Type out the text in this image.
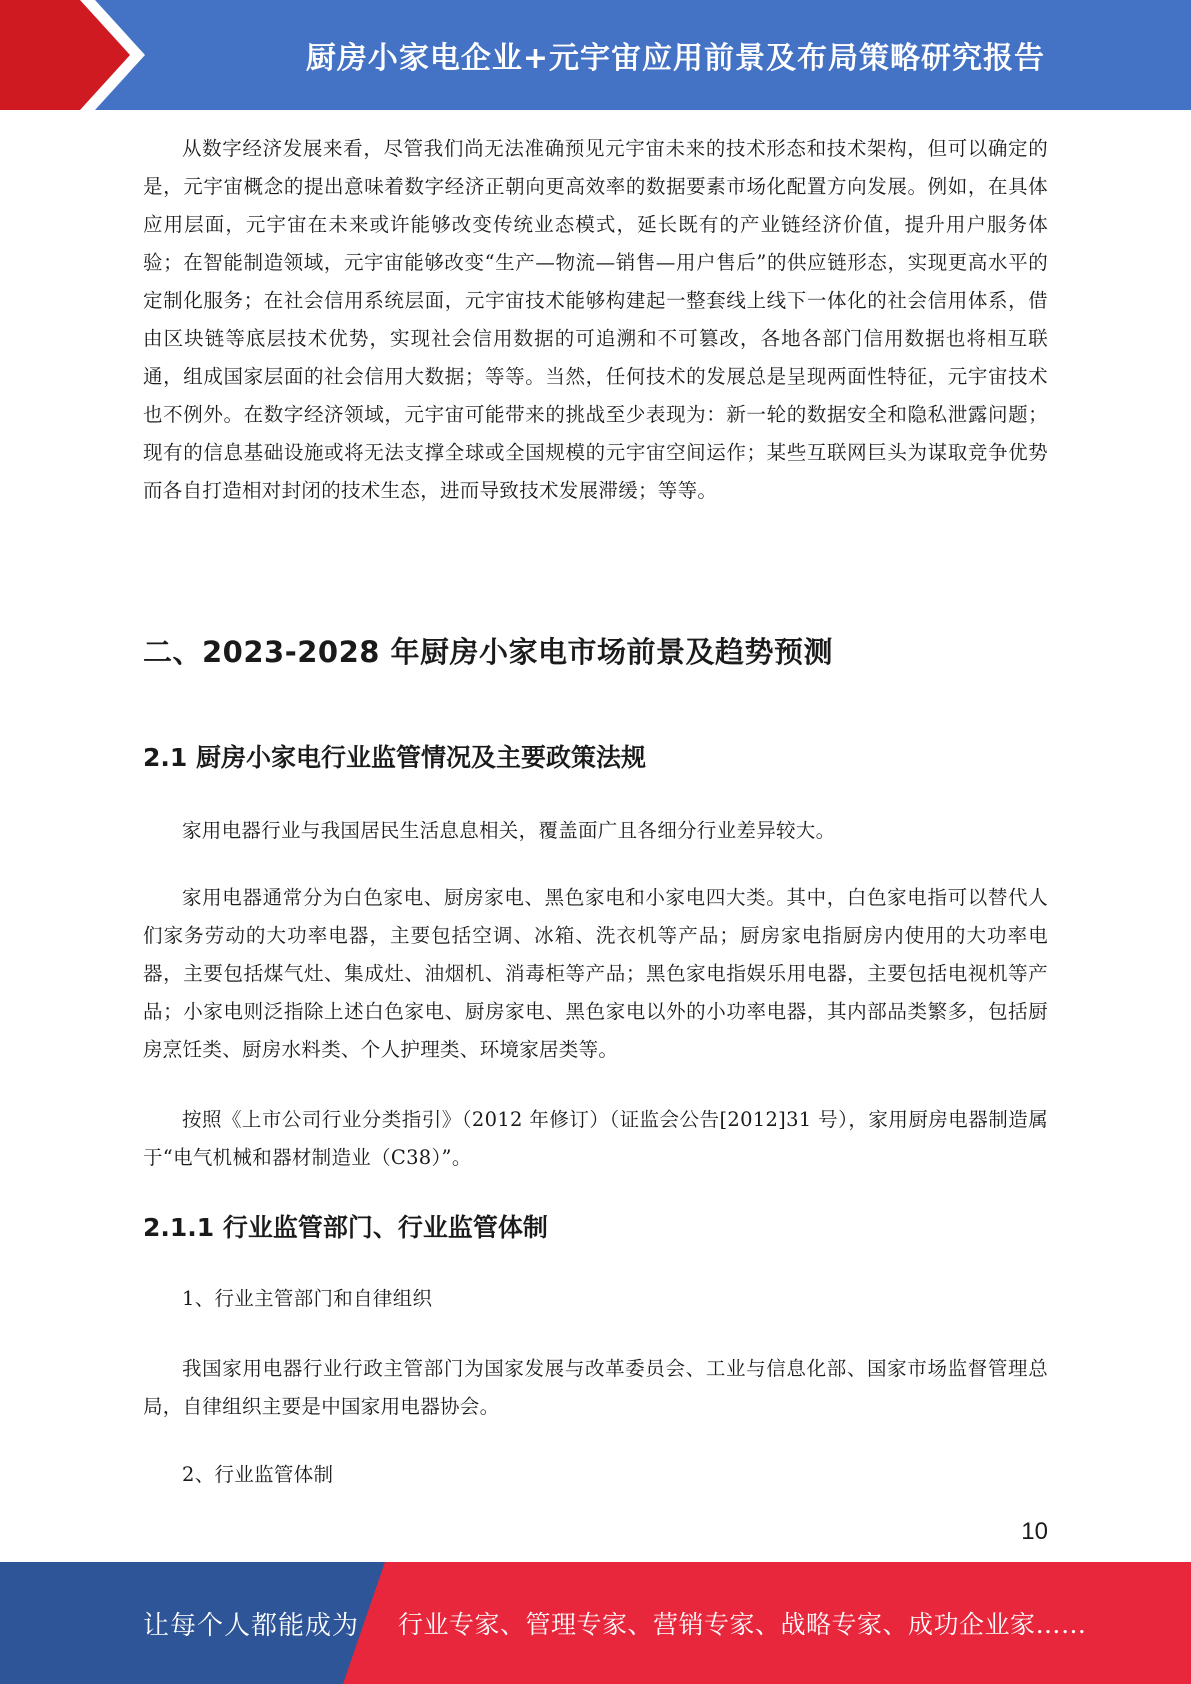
厨房小家电企业+元宇宙应用前景及布局策略研究报告

从数字经济发展来看，尽管我们尚无法准确预见元宇宙未来的技术形态和技术架构，但可以确定的是，元宇宙概念的提出意味着数字经济正朝向更高效率的数据要素市场化配置方向发展。例如，在具体应用层面，元宇宙在未来或许能够改变传统业态模式，延长既有的产业链经济价值，提升用户服务体验；在智能制造领域，元宇宙能够改变“生产—物流—销售—用户售后”的供应链形态，实现更高水平的定制化服务；在社会信用系统层面，元宇宙技术能够构建起一整套线上线下一体化的社会信用体系，借由区块链等底层技术优势，实现社会信用数据的可追溯和不可篡改，各地各部门信用数据也将相互联通，组成国家层面的社会信用大数据；等等。当然，任何技术的发展总是呈现两面性特征，元宇宙技术也不例外。在数字经济领域，元宇宙可能带来的挑战至少表现为：新一轮的数据安全和隐私泄露问题；现有的信息基础设施或将无法支撑全球或全国规模的元宇宙空间运作；某些互联网巨头为谋取竞争优势而各自打造相对封闭的技术生态，进而导致技术发展滞缓；等等。

二、2023-2028 年厨房小家电市场前景及趋势预测
2.1 厨房小家电行业监管情况及主要政策法规

家用电器行业与我国居民生活息息相关，覆盖面广且各细分行业差异较大。

家用电器通常分为白色家电、厨房家电、黑色家电和小家电四大类。其中，白色家电指可以替代人们家务劳动的大功率电器，主要包括空调、冰箱、洗衣机等产品；厨房家电指厨房内使用的大功率电器，主要包括煤气灶、集成灶、油烟机、消毒柜等产品；黑色家电指娱乐用电器，主要包括电视机等产品；小家电则泛指除上述白色家电、厨房家电、黑色家电以外的小功率电器，其内部品类繁多，包括厨房烹饪类、厨房水料类、个人护理类、环境家居类等。

按照《上市公司行业分类指引》（2012 年修订）（证监会公告[2012]31 号），家用厨房电器制造属于“电气机械和器材制造业（C38）”。

2.1.1 行业监管部门、行业监管体制

1、行业主管部门和自律组织

我国家用电器行业行政主管部门为国家发展与改革委员会、工业与信息化部、国家市场监督管理总局，自律组织主要是中国家用电器协会。

2、行业监管体制

10
让每个人都能成为 行业专家、管理专家、营销专家、战略专家、成功企业家……
